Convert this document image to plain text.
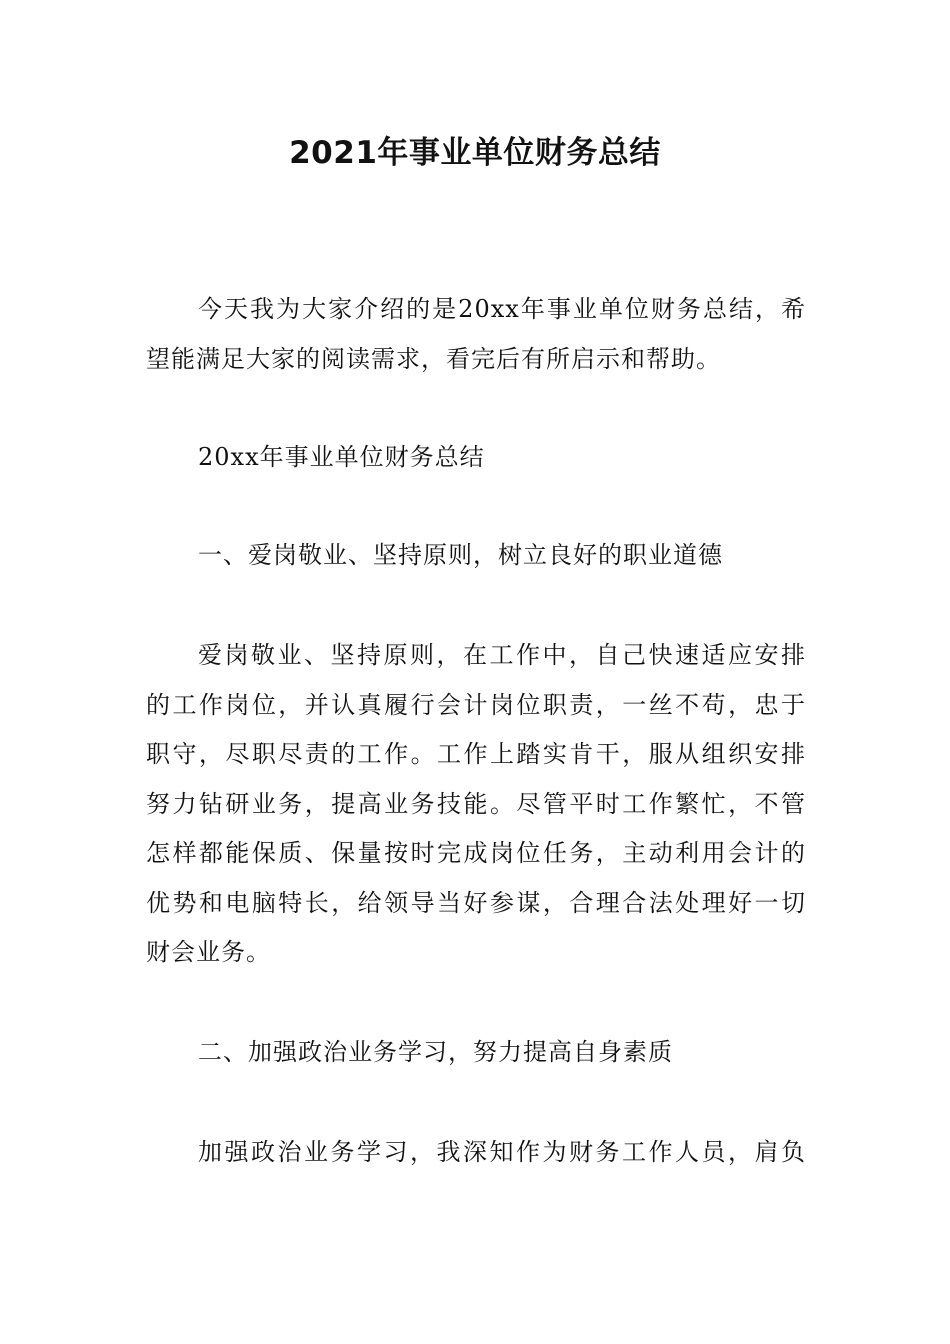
2021年事业单位财务总结
今天我为大家介绍的是20xx年事业单位财务总结，希
望能满足大家的阅读需求，看完后有所启示和帮助。
20xx年事业单位财务总结
一、爱岗敬业、坚持原则，树立良好的职业道德
爱岗敬业、坚持原则，在工作中，自己快速适应安排
的工作岗位，并认真履行会计岗位职责，一丝不苟，忠于
职守，尽职尽责的工作。工作上踏实肯干，服从组织安排
努力钻研业务，提高业务技能。尽管平时工作繁忙，不管
怎样都能保质、保量按时完成岗位任务，主动利用会计的
优势和电脑特长，给领导当好参谋，合理合法处理好一切
财会业务。
二、加强政治业务学习，努力提高自身素质
加强政治业务学习，我深知作为财务工作人员，肩负
